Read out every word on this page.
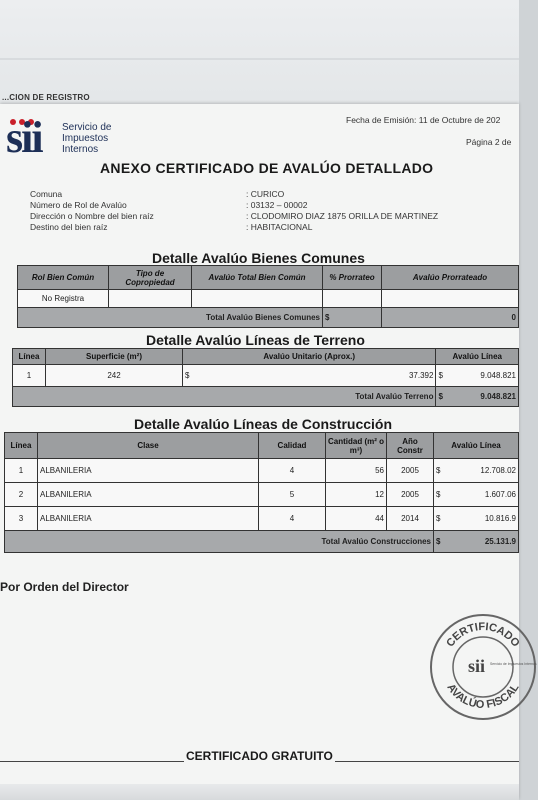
...CION DE REGISTRO
sii Servicio de
Impuestos
Internos
Fecha de Emisión: 11 de Octubre de 202
Página 2 de
ANEXO CERTIFICADO DE AVALÚO DETALLADO
Comuna	: CURICO
Número de Rol de Avalúo	: 03132 – 00002
Dirección o Nombre del bien raíz	: CLODOMIRO DIAZ 1875 ORILLA DE MARTINEZ
Destino del bien raíz	: HABITACIONAL
Detalle Avalúo Bienes Comunes
Rol Bien Común	Tipo de Copropiedad	Avalúo Total Bien Común	% Prorrateo	Avalúo Prorrateado
No Registra				
Total Avalúo Bienes Comunes			$	0
Detalle Avalúo Líneas de Terreno
Línea	Superficie (m²)	Avalúo Unitario (Aprox.)		Avalúo Línea	
1	242	$	37.392	$	9.048.821
Total Avalúo Terreno				$	9.048.821
Detalle Avalúo Líneas de Construcción
Línea	Clase	Calidad	Cantidad (m² o m³)	Año Constr	Avalúo Línea	
1	ALBANILERIA	4	56	2005	$	12.708.02
2	ALBANILERIA	5	12	2005	$	1.607.06
3	ALBANILERIA	4	44	2014	$	10.816.9
Total Avalúo Construcciones					$	25.131.9
Por Orden del Director
CERTIFICADO
AVALÚO FISCAL
sii Servicio de Impuestos Internos
CERTIFICADO GRATUITO
